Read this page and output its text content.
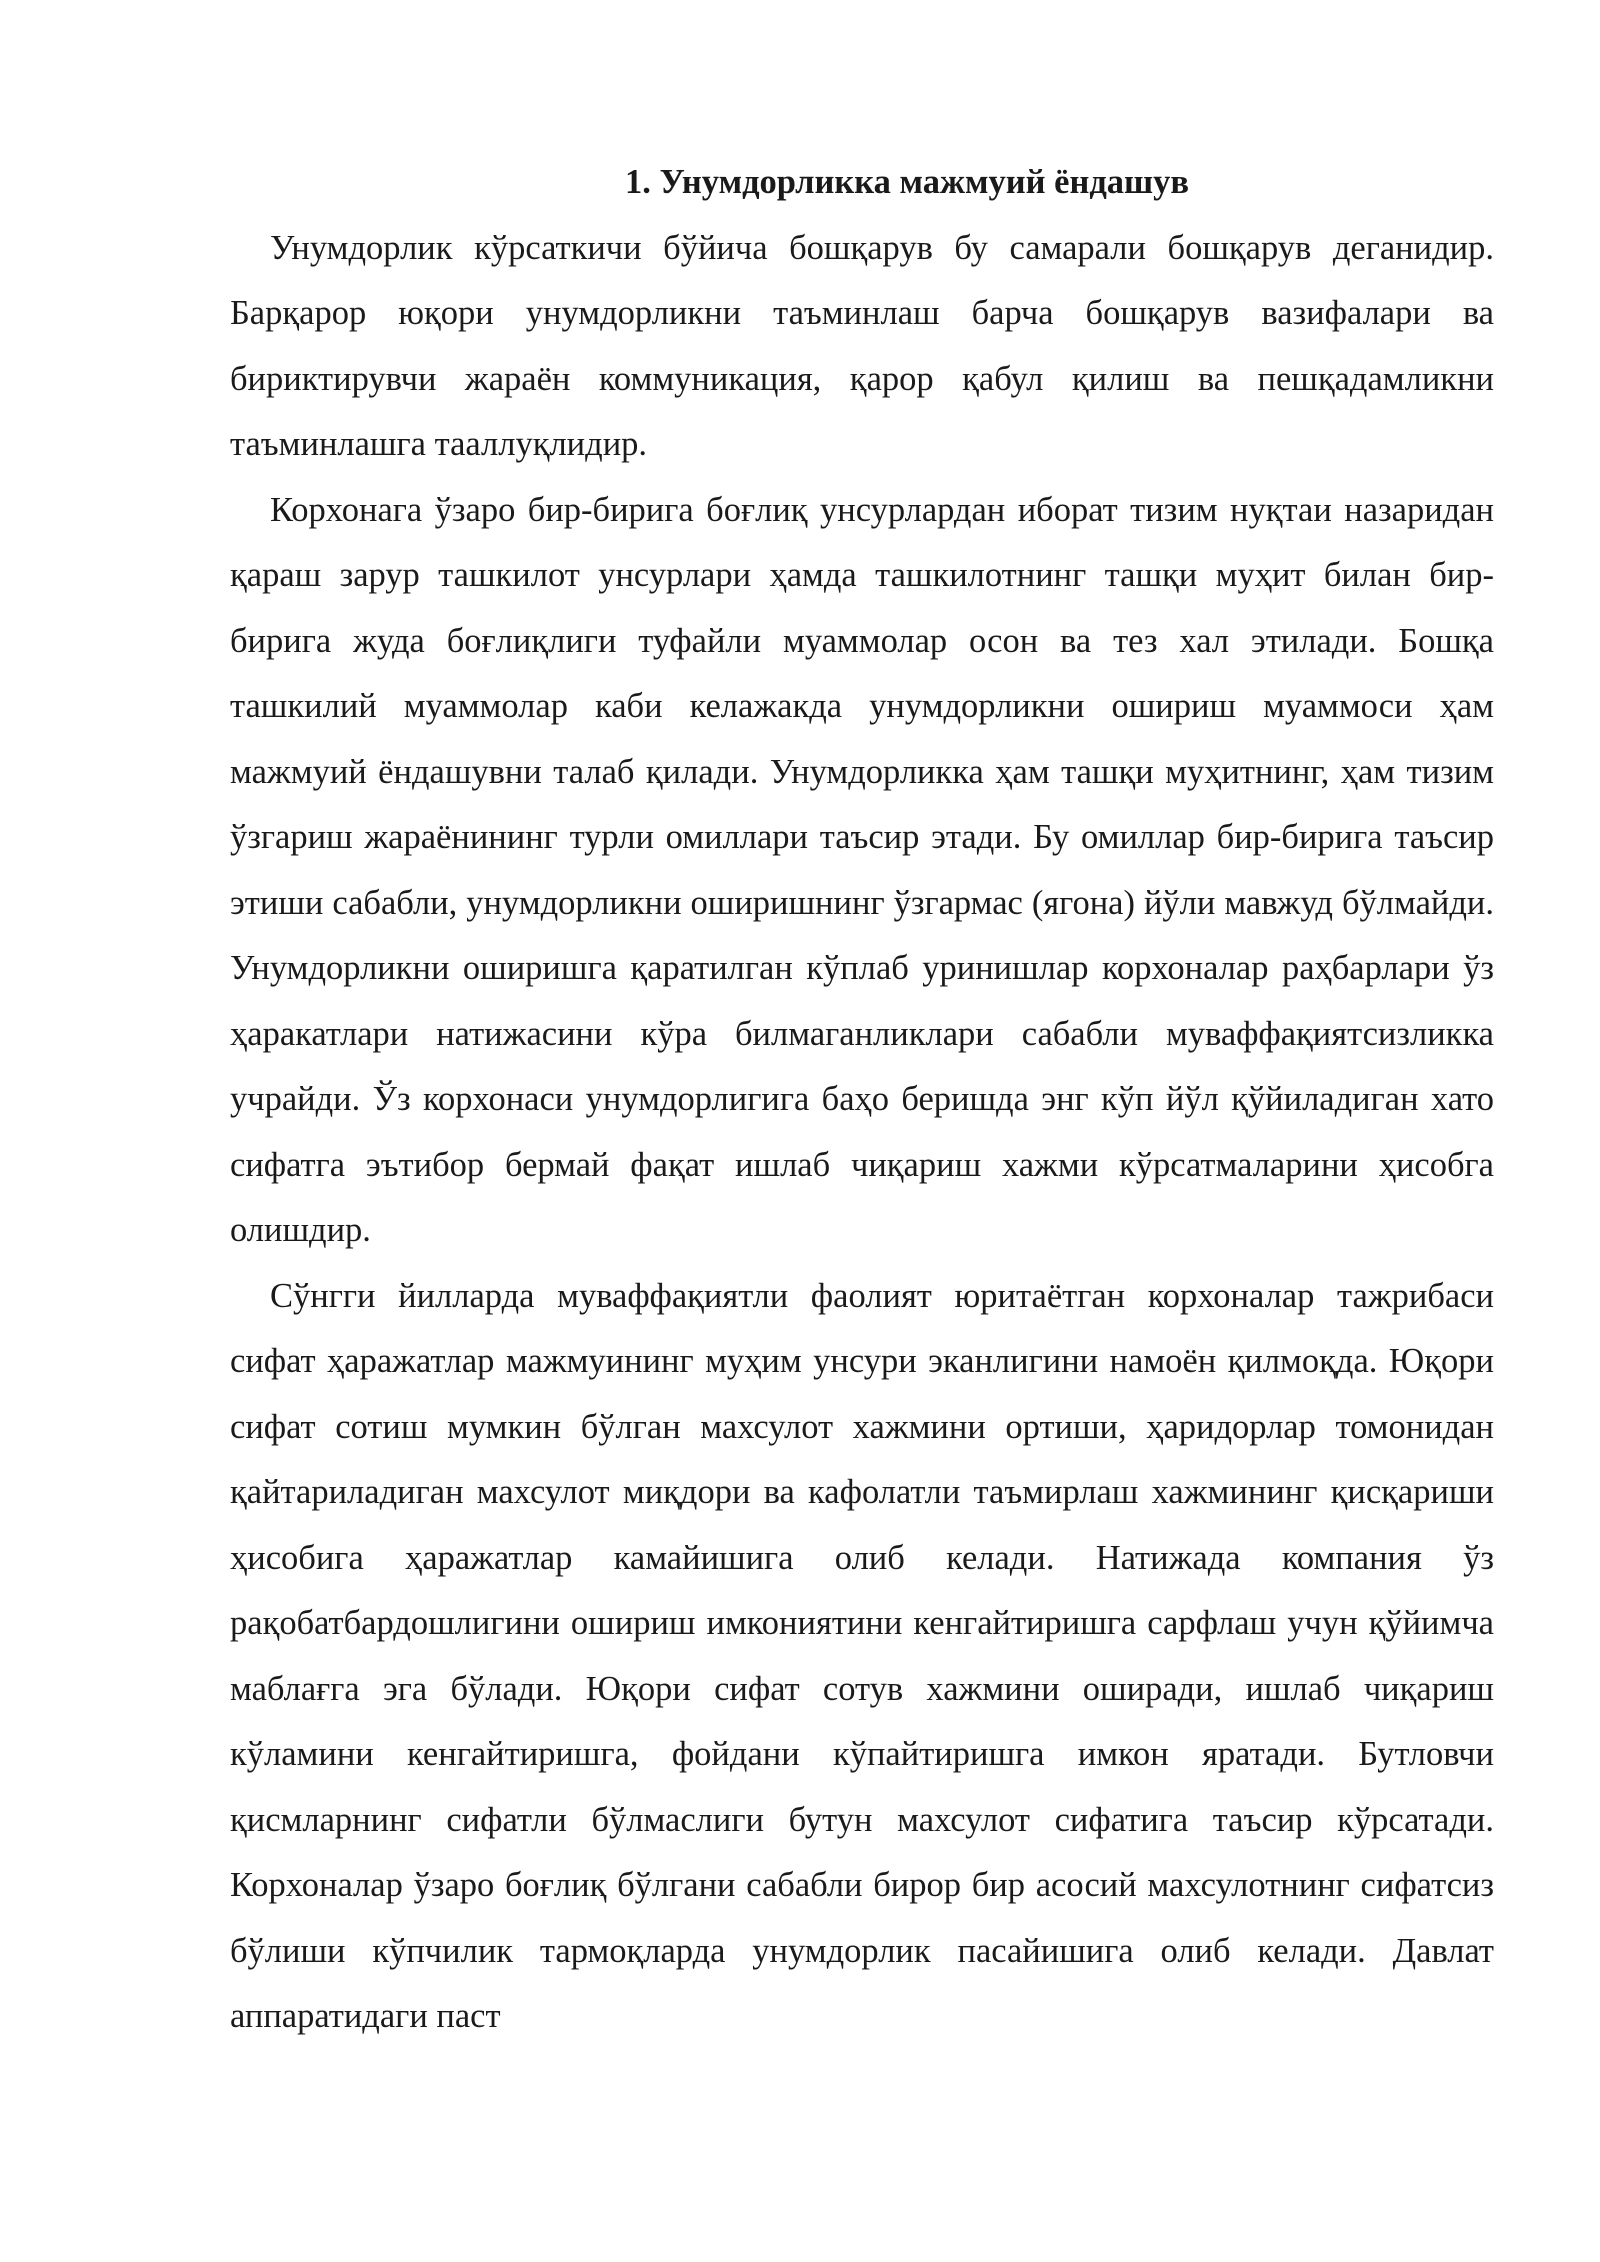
1. Унумдорликка мажмуий ёндашув

Унумдорлик кўрсаткичи бўйича бошқарув бу самарали бошқарув деганидир. Барқарор юқори унумдорликни таъминлаш барча бошқарув вазифалари ва бириктирувчи жараён коммуникация, қарор қабул қилиш ва пешқадамликни таъминлашга тааллуқлидир.

Корхонага ўзаро бир-бирига боғлиқ унсурлардан иборат тизим нуқтаи назаридан қараш зарур ташкилот унсурлари ҳамда ташкилотнинг ташқи муҳит билан бир-бирига жуда боғлиқлиги туфайли муаммолар осон ва тез хал этилади. Бошқа ташкилий муаммолар каби келажакда унумдорликни ошириш муаммоси ҳам мажмуий ёндашувни талаб қилади. Унумдорликка ҳам ташқи муҳитнинг, ҳам тизим ўзгариш жараёнининг турли омиллари таъсир этади. Бу омиллар бир-бирига таъсир этиши сабабли, унумдорликни оширишнинг ўзгармас (ягона) йўли мавжуд бўлмайди. Унумдорликни оширишга қаратилган кўплаб уринишлар корхоналар раҳбарлари ўз ҳаракатлари натижасини кўра билмаганликлари сабабли муваффақиятсизликка учрайди. Ўз корхонаси унумдорлигига баҳо беришда энг кўп йўл қўйиладиган хато сифатга эътибор бермай фақат ишлаб чиқариш хажми кўрсатмаларини ҳисобга олишдир.

Сўнгги йилларда муваффақиятли фаолият юритаётган корхоналар тажрибаси сифат ҳаражатлар мажмуининг муҳим унсури эканлигини намоён қилмоқда. Юқори сифат сотиш мумкин бўлган махсулот хажмини ортиши, ҳаридорлар томонидан қайтариладиган махсулот миқдори ва кафолатли таъмирлаш хажмининг қисқариши ҳисобига ҳаражатлар камайишига олиб келади. Натижада компания ўз рақобатбардошлигини ошириш имкониятини кенгайтиришга сарфлаш учун қўйимча маблағга эга бўлади. Юқори сифат сотув хажмини оширади, ишлаб чиқариш кўламини кенгайтиришга, фойдани кўпайтиришга имкон яратади. Бутловчи қисмларнинг сифатли бўлмаслиги бутун махсулот сифатига таъсир кўрсатади. Корхоналар ўзаро боғлиқ бўлгани сабабли бирор бир асосий махсулотнинг сифатсиз бўлиши кўпчилик тармоқларда унумдорлик пасайишига олиб келади. Давлат аппаратидаги паст
